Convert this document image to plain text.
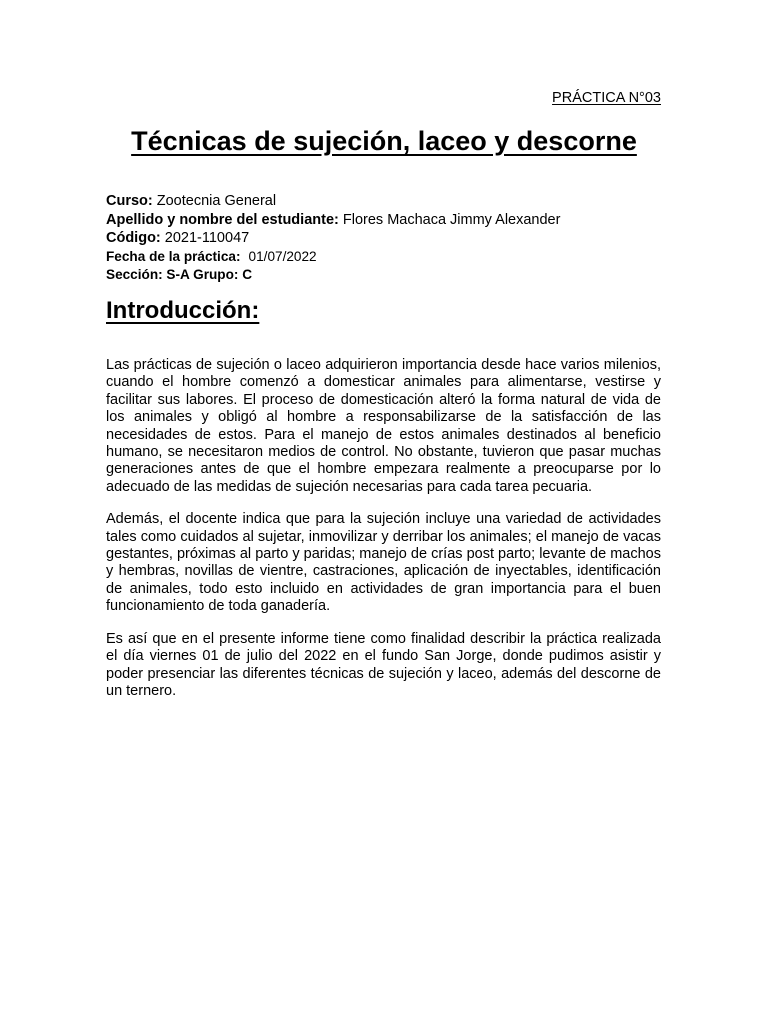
PRÁCTICA N°03
Técnicas de sujeción, laceo y descorne
Curso: Zootecnia General
Apellido y nombre del estudiante: Flores Machaca Jimmy Alexander
Código: 2021-110047
Fecha de la práctica: 01/07/2022
Sección: S-A Grupo: C
Introducción:

Las prácticas de sujeción o laceo adquirieron importancia desde hace varios milenios, cuando el hombre comenzó a domesticar animales para alimentarse, vestirse y facilitar sus labores. El proceso de domesticación alteró la forma natural de vida de los animales y obligó al hombre a responsabilizarse de la satisfacción de las necesidades de estos. Para el manejo de estos animales destinados al beneficio humano, se necesitaron medios de control. No obstante, tuvieron que pasar muchas generaciones antes de que el hombre empezara realmente a preocuparse por lo adecuado de las medidas de sujeción necesarias para cada tarea pecuaria.

Además, el docente indica que para la sujeción incluye una variedad de actividades tales como cuidados al sujetar, inmovilizar y derribar los animales; el manejo de vacas gestantes, próximas al parto y paridas; manejo de crías post parto; levante de machos y hembras, novillas de vientre, castraciones, aplicación de inyectables, identificación de animales, todo esto incluido en actividades de gran importancia para el buen funcionamiento de toda ganadería.

Es así que en el presente informe tiene como finalidad describir la práctica realizada el día viernes 01 de julio del 2022 en el fundo San Jorge, donde pudimos asistir y poder presenciar las diferentes técnicas de sujeción y laceo, además del descorne de un ternero.
